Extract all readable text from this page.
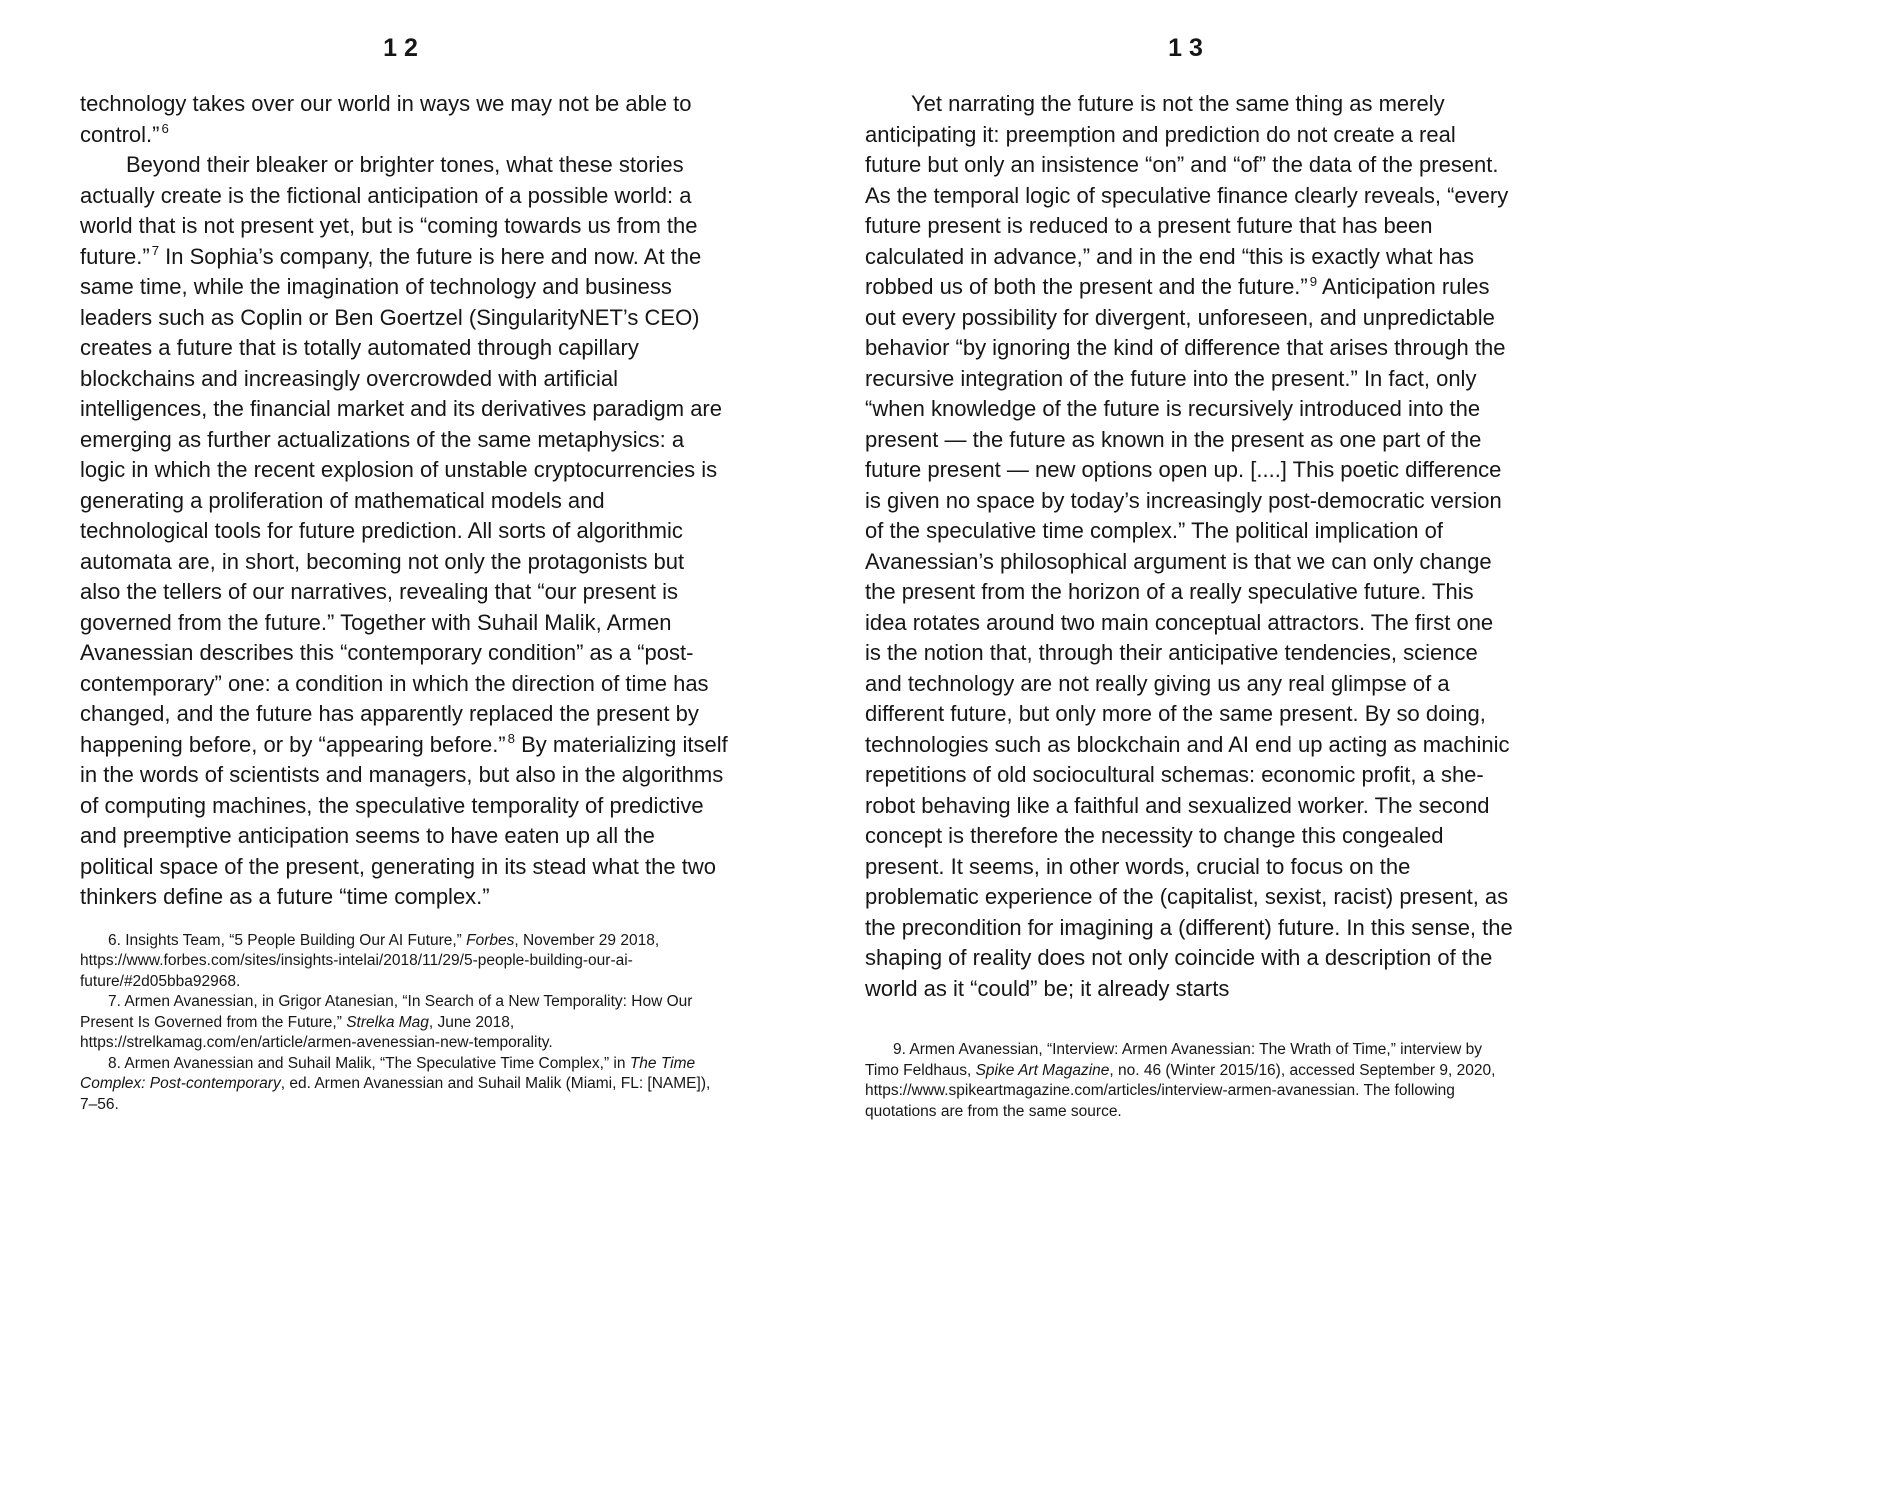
12

technology takes over our world in ways we may not be able to control.” $^6$

Beyond their bleaker or brighter tones, what these stories actually create is the fictional anticipation of a possible world: a world that is not present yet, but is “coming towards us from the future.” $^7$ In Sophia’s company, the future is here and now. At the same time, while the imagination of technology and business leaders such as Coplin or Ben Goertzel (SingularityNET’s CEO) creates a future that is totally automated through capillary blockchains and increasingly overcrowded with artificial intelligences, the financial market and its derivatives paradigm are emerging as further actualizations of the same metaphysics: a logic in which the recent explosion of unstable cryptocurrencies is generating a proliferation of mathematical models and technological tools for future prediction. All sorts of algorithmic automata are, in short, becoming not only the protagonists but also the tellers of our narratives, revealing that “our present is governed from the future.” Together with Suhail Malik, Armen Avanessian describes this “contemporary condition” as a “post-contemporary” one: a condition in which the direction of time has changed, and the future has apparently replaced the present by happening before, or by “appearing before.” $^8$ By materializing itself in the words of scientists and managers, but also in the algorithms of computing machines, the speculative temporality of predictive and preemptive anticipation seems to have eaten up all the political space of the present, generating in its stead what the two thinkers define as a future “time complex.”

6. Insights Team, “5 People Building Our AI Future,” Forbes, November 29 2018, https://www.forbes.com/sites/insights-intelai/2018/11/29/5-people-building-our-ai-future/#2d05bba92968.

7. Armen Avanessian, in Grigor Atanesian, “In Search of a New Temporality: How Our Present Is Governed from the Future,” Strelka Mag, June 2018, https://strelkamag.com/en/article/armen-avenessian-new-temporality.

8. Armen Avanessian and Suhail Malik, “The Speculative Time Complex,” in The Time Complex: Post-contemporary, ed. Armen Avanessian and Suhail Malik (Miami, FL: [NAME]), 7–56.

13

Yet narrating the future is not the same thing as merely anticipating it: preemption and prediction do not create a real future but only an insistence “on” and “of” the data of the present. As the temporal logic of speculative finance clearly reveals, “every future present is reduced to a present future that has been calculated in advance,” and in the end “this is exactly what has robbed us of both the present and the future.” $^9$ Anticipation rules out every possibility for divergent, unforeseen, and unpredictable behavior “by ignoring the kind of difference that arises through the recursive integration of the future into the present.” In fact, only “when knowledge of the future is recursively introduced into the present — the future as known in the present as one part of the future present — new options open up. [....] This poetic difference is given no space by today’s increasingly post-democratic version of the speculative time complex.” The political implication of Avanessian’s philosophical argument is that we can only change the present from the horizon of a really speculative future. This idea rotates around two main conceptual attractors. The first one is the notion that, through their anticipative tendencies, science and technology are not really giving us any real glimpse of a different future, but only more of the same present. By so doing, technologies such as blockchain and AI end up acting as machinic repetitions of old sociocultural schemas: economic profit, a she-robot behaving like a faithful and sexualized worker. The second concept is therefore the necessity to change this congealed present. It seems, in other words, crucial to focus on the problematic experience of the (capitalist, sexist, racist) present, as the precondition for imagining a (different) future. In this sense, the shaping of reality does not only coincide with a description of the world as it “could” be; it already starts

9. Armen Avanessian, “Interview: Armen Avanessian: The Wrath of Time,” interview by Timo Feldhaus, Spike Art Magazine, no. 46 (Winter 2015/16), accessed September 9, 2020, https://www.spikeartmagazine.com/articles/interview-armen-avanessian. The following quotations are from the same source.
